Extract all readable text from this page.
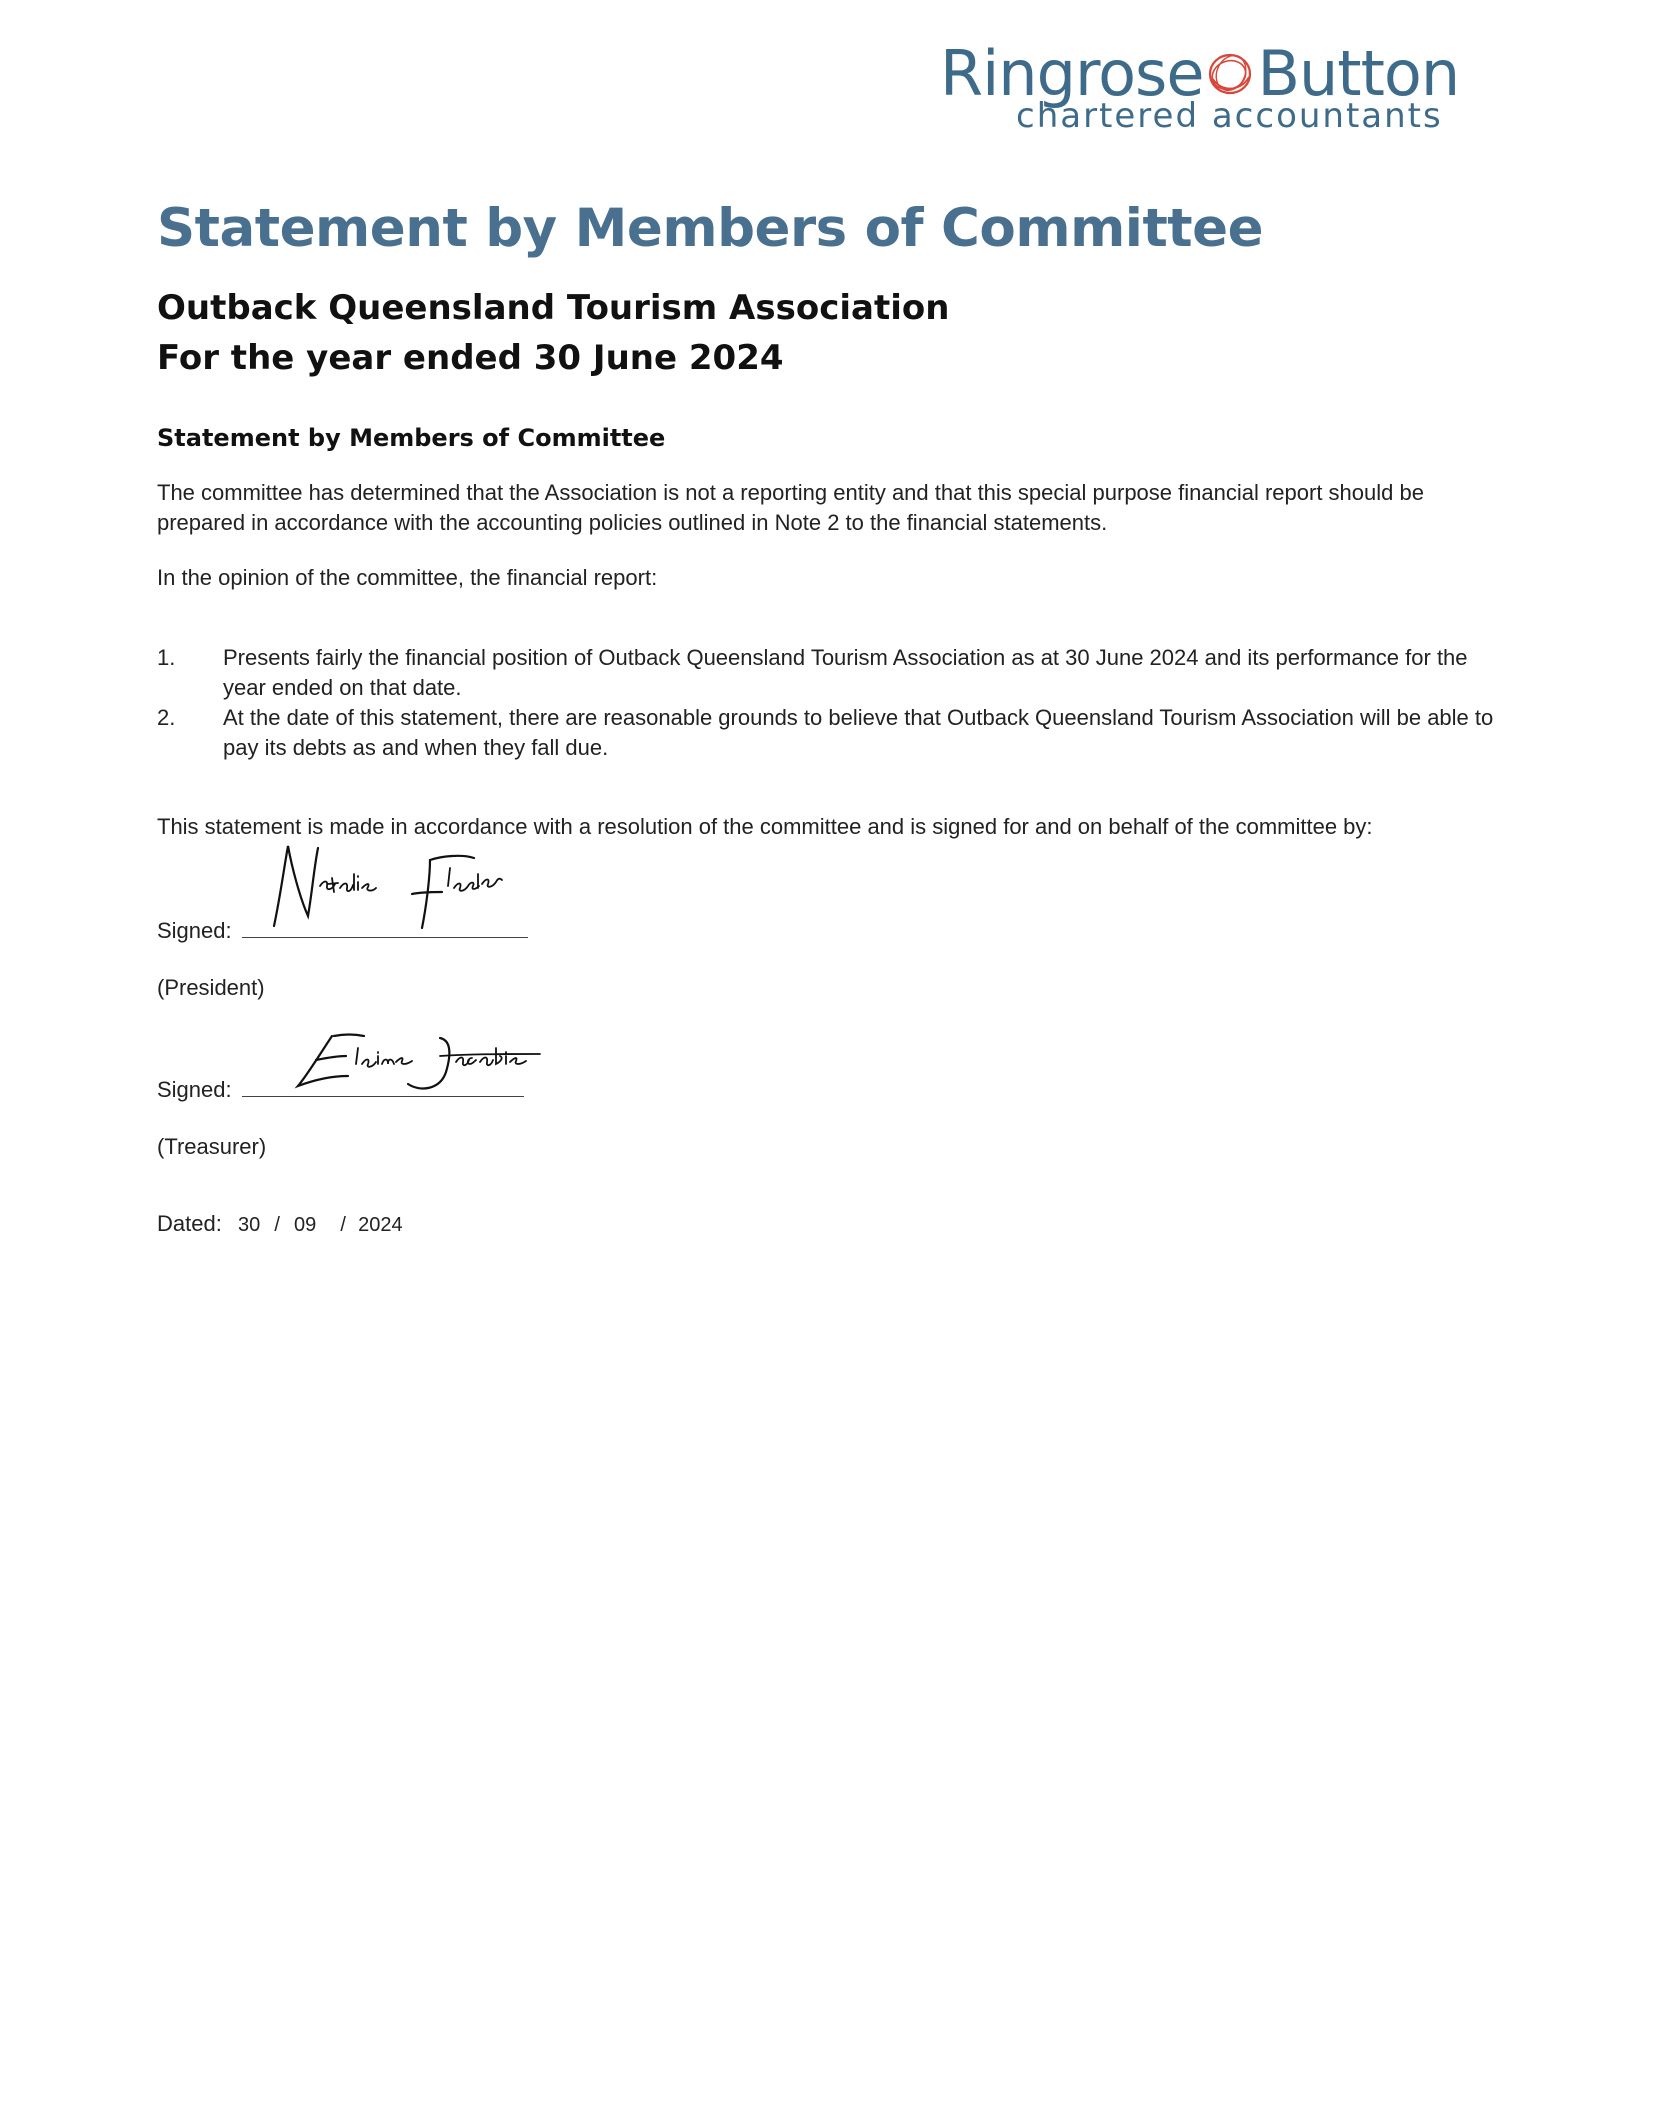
Ringrose Button
chartered accountants
Statement by Members of Committee
Outback Queensland Tourism Association
For the year ended 30 June 2024
Statement by Members of Committee

The committee has determined that the Association is not a reporting entity and that this special purpose financial report should be prepared in accordance with the accounting policies outlined in Note 2 to the financial statements.

In the opinion of the committee, the financial report:

1. Presents fairly the financial position of Outback Queensland Tourism Association as at 30 June 2024 and its performance for the year ended on that date.
2. At the date of this statement, there are reasonable grounds to believe that Outback Queensland Tourism Association will be able to pay its debts as and when they fall due.

This statement is made in accordance with a resolution of the committee and is signed for and on behalf of the committee by:

Signed:
(President)
Signed:
(Treasurer)
Dated: 30 / 09 / 2024
